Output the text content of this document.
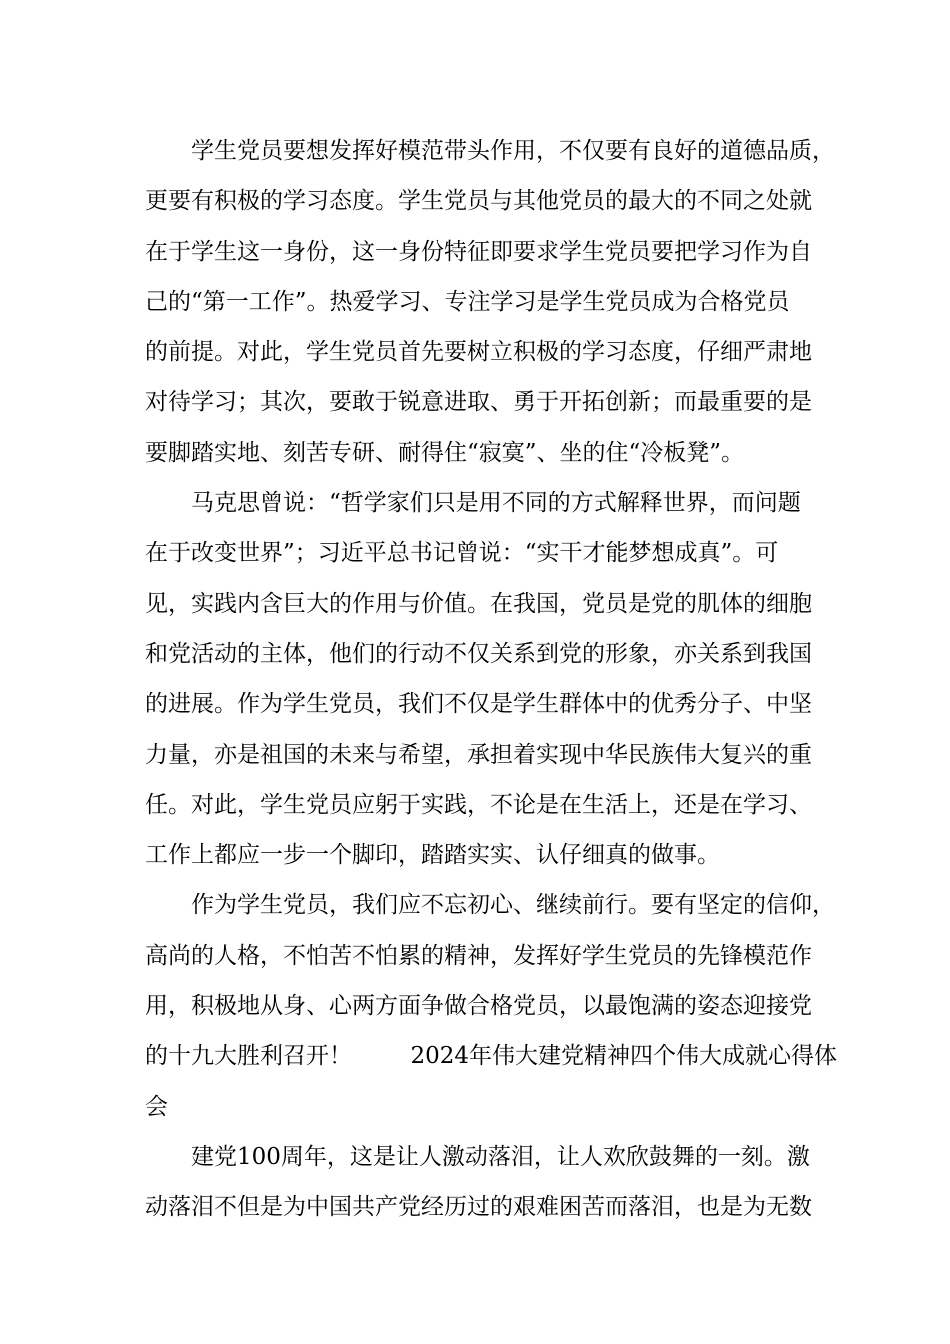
学生党员要想发挥好模范带头作用，不仅要有良好的道德品质，
更要有积极的学习态度。学生党员与其他党员的最大的不同之处就
在于学生这一身份，这一身份特征即要求学生党员要把学习作为自
己的“第一工作”。热爱学习、专注学习是学生党员成为合格党员
的前提。对此，学生党员首先要树立积极的学习态度，仔细严肃地
对待学习；其次，要敢于锐意进取、勇于开拓创新；而最重要的是
要脚踏实地、刻苦专研、耐得住“寂寞”、坐的住“冷板凳”。
马克思曾说：“哲学家们只是用不同的方式解释世界，而问题
在于改变世界”；习近平总书记曾说：“实干才能梦想成真”。可
见，实践内含巨大的作用与价值。在我国，党员是党的肌体的细胞
和党活动的主体，他们的行动不仅关系到党的形象，亦关系到我国
的进展。作为学生党员，我们不仅是学生群体中的优秀分子、中坚
力量，亦是祖国的未来与希望，承担着实现中华民族伟大复兴的重
任。对此，学生党员应躬于实践，不论是在生活上，还是在学习、
工作上都应一步一个脚印，踏踏实实、认仔细真的做事。
作为学生党员，我们应不忘初心、继续前行。要有坚定的信仰，
高尚的人格，不怕苦不怕累的精神，发挥好学生党员的先锋模范作
用，积极地从身、心两方面争做合格党员，以最饱满的姿态迎接党
的十九大胜利召开！        2024年伟大建党精神四个伟大成就心得体
会
建党100周年，这是让人激动落泪，让人欢欣鼓舞的一刻。激
动落泪不但是为中国共产党经历过的艰难困苦而落泪，也是为无数
